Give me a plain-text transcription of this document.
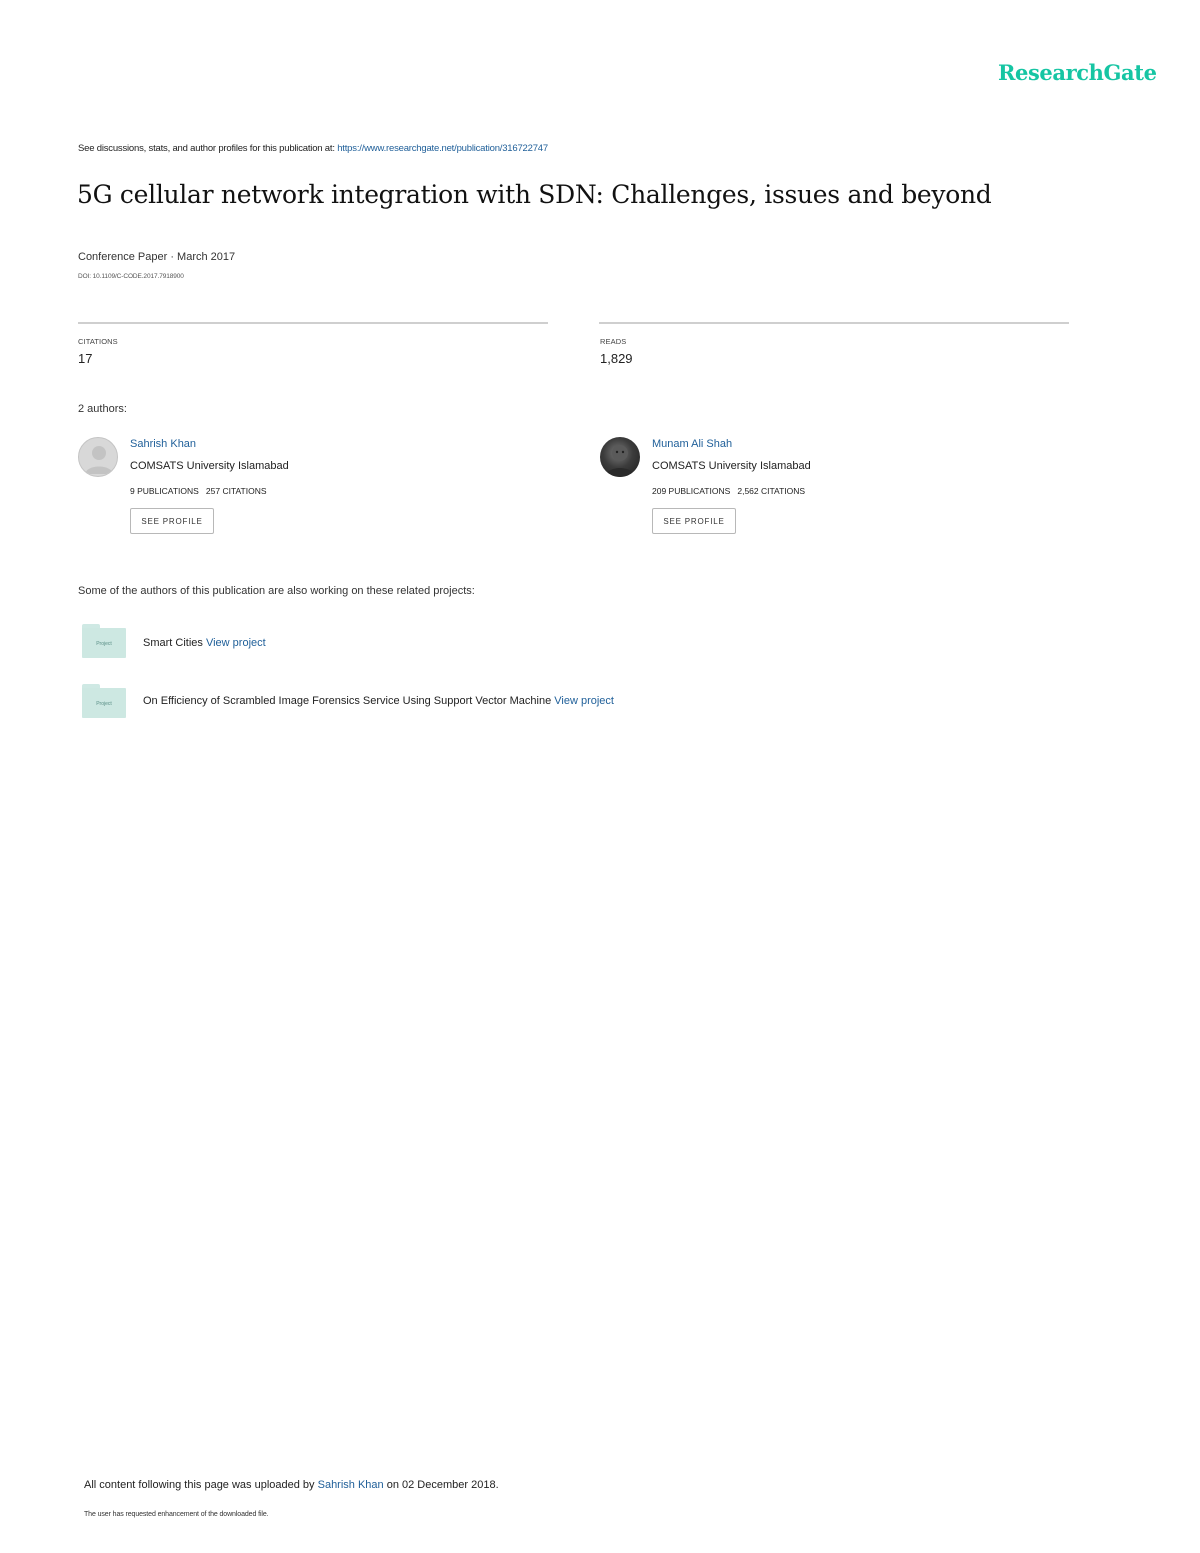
ResearchGate
See discussions, stats, and author profiles for this publication at: https://www.researchgate.net/publication/316722747
5G cellular network integration with SDN: Challenges, issues and beyond
Conference Paper · March 2017
DOI: 10.1109/C-CODE.2017.7918900
CITATIONS
17
READS
1,829
2 authors:
Sahrish Khan
COMSATS University Islamabad
9 PUBLICATIONS 257 CITATIONS
SEE PROFILE
Munam Ali Shah
COMSATS University Islamabad
209 PUBLICATIONS 2,562 CITATIONS
SEE PROFILE
Some of the authors of this publication are also working on these related projects:
Project	Smart Cities View project
Project	On Efficiency of Scrambled Image Forensics Service Using Support Vector Machine View project
All content following this page was uploaded by Sahrish Khan on 02 December 2018.
The user has requested enhancement of the downloaded file.
